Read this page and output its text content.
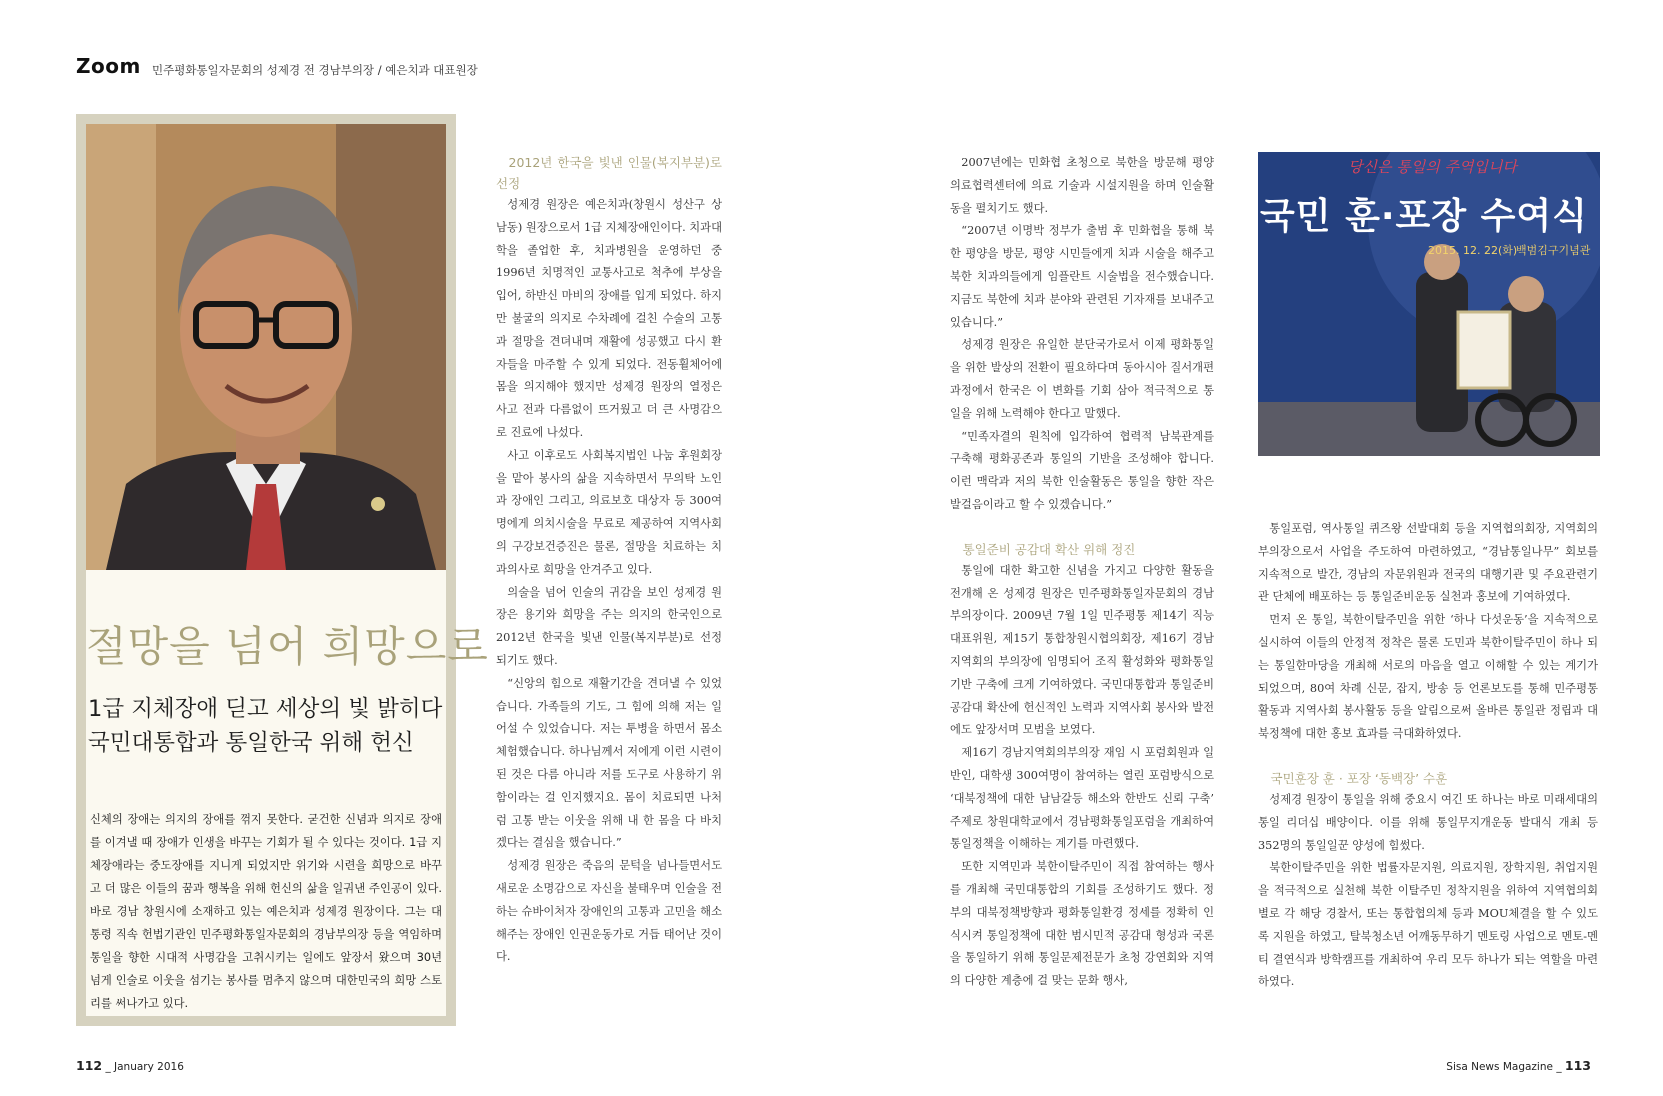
Zoom 민주평화통일자문회의 성제경 전 경남부의장 / 예은치과 대표원장
절망을 넘어 희망으로
1급 지체장애 딛고 세상의 빛 밝히다
국민대통합과 통일한국 위해 헌신
신체의 장애는 의지의 장애를 꺾지 못한다. 굳건한 신념과 의지로 장애를 이겨낼 때 장애가 인생을 바꾸는 기회가 될 수 있다는 것이다. 1급 지체장애라는 중도장애를 지니게 되었지만 위기와 시련을 희망으로 바꾸고 더 많은 이들의 꿈과 행복을 위해 헌신의 삶을 일궈낸 주인공이 있다. 바로 경남 창원시에 소재하고 있는 예은치과 성제경 원장이다. 그는 대통령 직속 헌법기관인 민주평화통일자문회의 경남부의장 등을 역임하며 통일을 향한 시대적 사명감을 고취시키는 일에도 앞장서 왔으며 30년 넘게 인술로 이웃을 섬기는 봉사를 멈추지 않으며 대한민국의 희망 스토리를 써나가고 있다.

2012년 한국을 빛낸 인물(복지부분)로 선정

성제경 원장은 예은치과(창원시 성산구 상남동) 원장으로서 1급 지체장애인이다. 치과대학을 졸업한 후, 치과병원을 운영하던 중 1996년 치명적인 교통사고로 척추에 부상을 입어, 하반신 마비의 장애를 입게 되었다. 하지만 불굴의 의지로 수차례에 걸친 수술의 고통과 절망을 견뎌내며 재활에 성공했고 다시 환자들을 마주할 수 있게 되었다. 전동휠체어에 몸을 의지해야 했지만 성제경 원장의 열정은 사고 전과 다름없이 뜨거웠고 더 큰 사명감으로 진료에 나섰다.

사고 이후로도 사회복지법인 나눔 후원회장을 맡아 봉사의 삶을 지속하면서 무의탁 노인과 장애인 그리고, 의료보호 대상자 등 300여 명에게 의치시술을 무료로 제공하여 지역사회의 구강보건증진은 물론, 절망을 치료하는 치과의사로 희망을 안겨주고 있다.

의술을 넘어 인술의 귀감을 보인 성제경 원장은 용기와 희망을 주는 의지의 한국인으로 2012년 한국을 빛낸 인물(복지부분)로 선정되기도 했다.

“신앙의 힘으로 재활기간을 견뎌낼 수 있었습니다. 가족들의 기도, 그 힘에 의해 저는 일어설 수 있었습니다. 저는 투병을 하면서 몸소 체험했습니다. 하나님께서 저에게 이런 시련이 된 것은 다름 아니라 저를 도구로 사용하기 위함이라는 걸 인지했지요. 몸이 치료되면 나처럼 고통 받는 이웃을 위해 내 한 몸을 다 바치겠다는 결심을 했습니다.”

성제경 원장은 죽음의 문턱을 넘나들면서도 새로운 소명감으로 자신을 불태우며 인술을 전하는 슈바이처자 장애인의 고통과 고민을 해소해주는 장애인 인권운동가로 거듭 태어난 것이다.

2007년에는 민화협 초청으로 북한을 방문해 평양의료협력센터에 의료 기술과 시설지원을 하며 인술활동을 펼치기도 했다.

“2007년 이명박 정부가 출범 후 민화협을 통해 북한 평양을 방문, 평양 시민들에게 치과 시술을 해주고 북한 치과의들에게 임플란트 시술법을 전수했습니다. 지금도 북한에 치과 분야와 관련된 기자재를 보내주고 있습니다.”

성제경 원장은 유일한 분단국가로서 이제 평화통일을 위한 발상의 전환이 필요하다며 동아시아 질서개편 과정에서 한국은 이 변화를 기회 삼아 적극적으로 통일을 위해 노력해야 한다고 말했다.

“민족자결의 원칙에 입각하여 협력적 남북관계를 구축해 평화공존과 통일의 기반을 조성해야 합니다. 이런 맥락과 저의 북한 인술활동은 통일을 향한 작은 발걸음이라고 할 수 있겠습니다.”

통일준비 공감대 확산 위해 정진

통일에 대한 확고한 신념을 가지고 다양한 활동을 전개해 온 성제경 원장은 민주평화통일자문회의 경남부의장이다. 2009년 7월 1일 민주평통 제14기 직능대표위원, 제15기 통합창원시협의회장, 제16기 경남지역회의 부의장에 임명되어 조직 활성화와 평화통일 기반 구축에 크게 기여하였다. 국민대통합과 통일준비 공감대 확산에 헌신적인 노력과 지역사회 봉사와 발전에도 앞장서며 모범을 보였다.

제16기 경남지역회의부의장 재임 시 포럼회원과 일반인, 대학생 300여명이 참여하는 열린 포럼방식으로 ‘대북정책에 대한 남남갈등 해소와 한반도 신뢰 구축’ 주제로 창원대학교에서 경남평화통일포럼을 개최하여 통일정책을 이해하는 계기를 마련했다.

또한 지역민과 북한이탈주민이 직접 참여하는 행사를 개최해 국민대통합의 기회를 조성하기도 했다. 정부의 대북정책방향과 평화통일환경 정세를 정확히 인식시켜 통일정책에 대한 범시민적 공감대 형성과 국론을 통일하기 위해 통일문제전문가 초청 강연회와 지역의 다양한 계층에 걸 맞는 문화 행사,

당신은 통일의 주역입니다
국민 훈·포장 수여식
2015. 12. 22(화)
백범김구기념관

통일포럼, 역사통일 퀴즈왕 선발대회 등을 지역협의회장, 지역회의 부의장으로서 사업을 주도하여 마련하였고, “경남통일나무” 회보를 지속적으로 발간, 경남의 자문위원과 전국의 대행기관 및 주요관련기관 단체에 배포하는 등 통일준비운동 실천과 홍보에 기여하였다.

먼저 온 통일, 북한이탈주민을 위한 ‘하나 다섯운동’을 지속적으로 실시하여 이들의 안정적 정착은 물론 도민과 북한이탈주민이 하나 되는 통일한마당을 개최해 서로의 마음을 열고 이해할 수 있는 계기가 되었으며, 80여 차례 신문, 잡지, 방송 등 언론보도를 통해 민주평통 활동과 지역사회 봉사활동 등을 알림으로써 올바른 통일관 정립과 대북정책에 대한 홍보 효과를 극대화하였다.

국민훈장 훈 · 포장 ‘동백장’ 수훈

성제경 원장이 통일을 위해 중요시 여긴 또 하나는 바로 미래세대의 통일 리더십 배양이다. 이를 위해 통일무지개운동 발대식 개최 등 352명의 통일일꾼 양성에 힘썼다.

북한이탈주민을 위한 법률자문지원, 의료지원, 장학지원, 취업지원을 적극적으로 실천해 북한 이탈주민 정착지원을 위하여 지역협의회별로 각 해당 경찰서, 또는 통합협의체 등과 MOU체결을 할 수 있도록 지원을 하였고, 탈북청소년 어깨동무하기 멘토링 사업으로 멘토-멘티 결연식과 방학캠프를 개최하여 우리 모두 하나가 되는 역할을 마련하였다.

112 _ January 2016	Sisa News Magazine _ 113
